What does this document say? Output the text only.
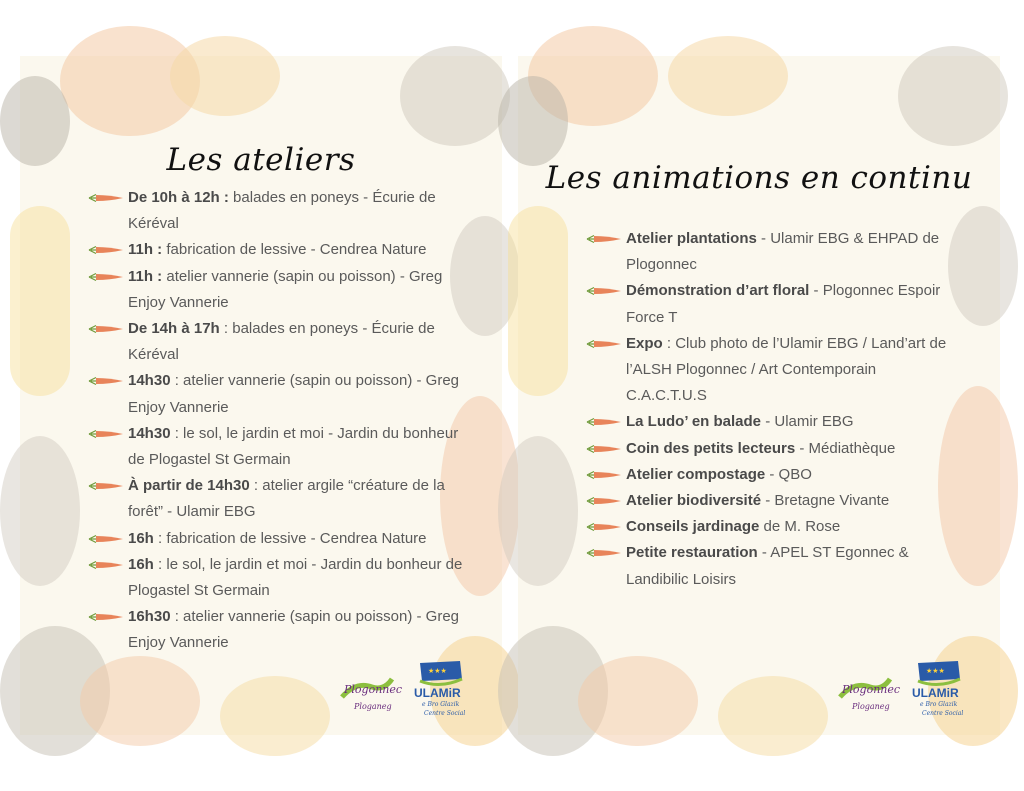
Les ateliers
De 10h à 12h : balades en poneys - Écurie de Kéréval
11h : fabrication de lessive - Cendrea Nature
11h : atelier vannerie (sapin ou poisson) - Greg Enjoy Vannerie
De 14h à 17h : balades en poneys - Écurie de Kéréval
14h30 : atelier vannerie (sapin ou poisson) - Greg Enjoy Vannerie
14h30 : le sol, le jardin et moi - Jardin du bonheur de Plogastel St Germain
À partir de 14h30 : atelier argile “créature de la forêt” - Ulamir EBG
16h : fabrication de lessive - Cendrea Nature
16h : le sol, le jardin et moi - Jardin du bonheur de Plogastel St Germain
16h30 : atelier vannerie (sapin ou poisson) - Greg Enjoy Vannerie
Plogonnec
Ploganeg
★★★
ULAMiR
e Bro Glazik
Centre Social
Les animations en continu
Atelier plantations - Ulamir EBG & EHPAD de Plogonnec
Démonstration d’art floral - Plogonnec Espoir Force T
Expo : Club photo de l’Ulamir EBG / Land’art de l’ALSH Plogonnec / Art Contemporain C.A.C.T.U.S
La Ludo’ en balade - Ulamir EBG
Coin des petits lecteurs - Médiathèque
Atelier compostage - QBO
Atelier biodiversité - Bretagne Vivante
Conseils jardinage de M. Rose
Petite restauration - APEL ST Egonnec & Landibilic Loisirs
Plogonnec
Ploganeg
★★★
ULAMiR
e Bro Glazik
Centre Social
